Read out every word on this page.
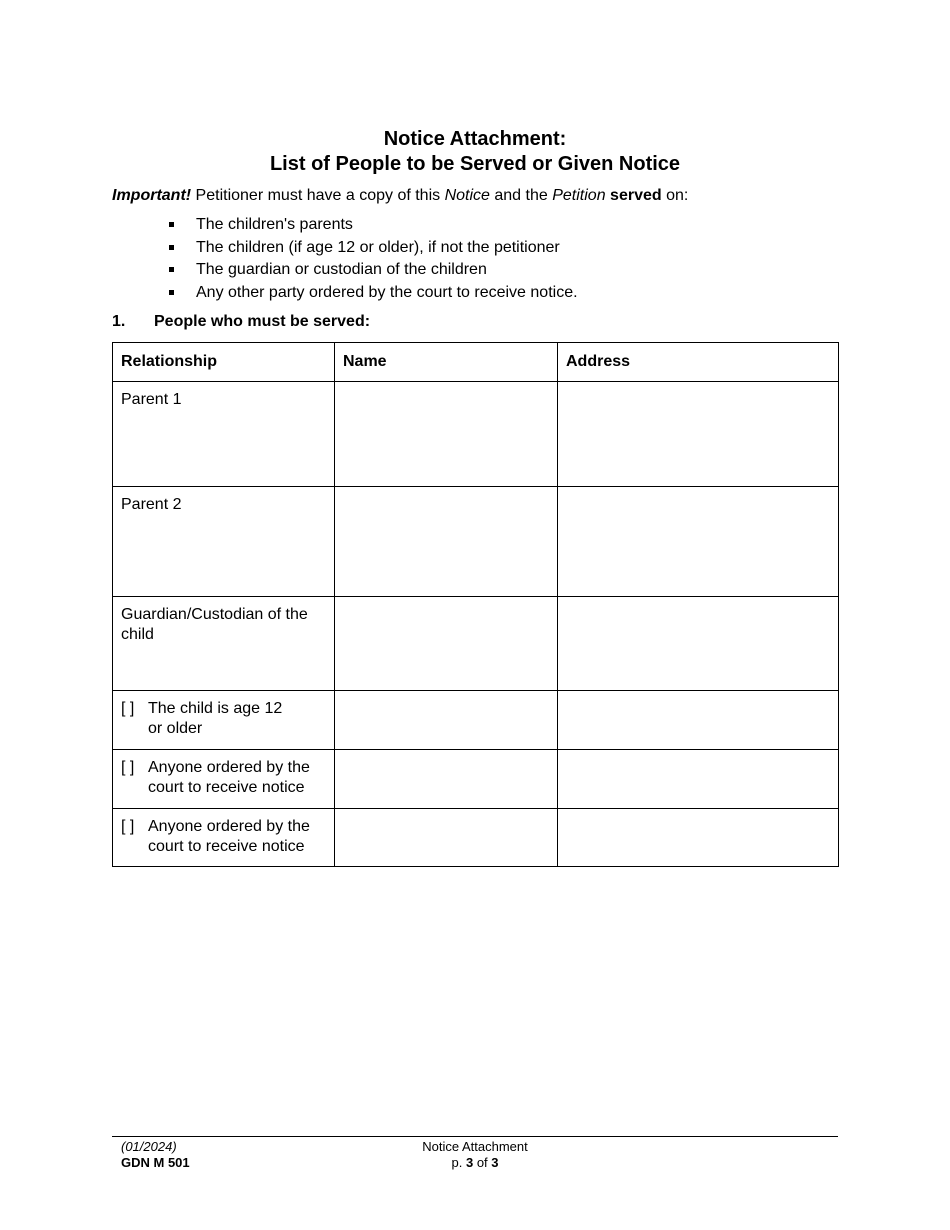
Notice Attachment:
List of People to be Served or Given Notice
Important! Petitioner must have a copy of this Notice and the Petition served on:
The children's parents
The children (if age 12 or older), if not the petitioner
The guardian or custodian of the children
Any other party ordered by the court to receive notice.
1. People who must be served:
Relationship	Name	Address
Parent 1		
Parent 2		
Guardian/Custodian of the child		

[ ] The child is age 12 or older		

[ ] Anyone ordered by the court to receive notice		

[ ] Anyone ordered by the court to receive notice		

(01/2024)
GDN M 501
Notice Attachment
p. 3 of 3
